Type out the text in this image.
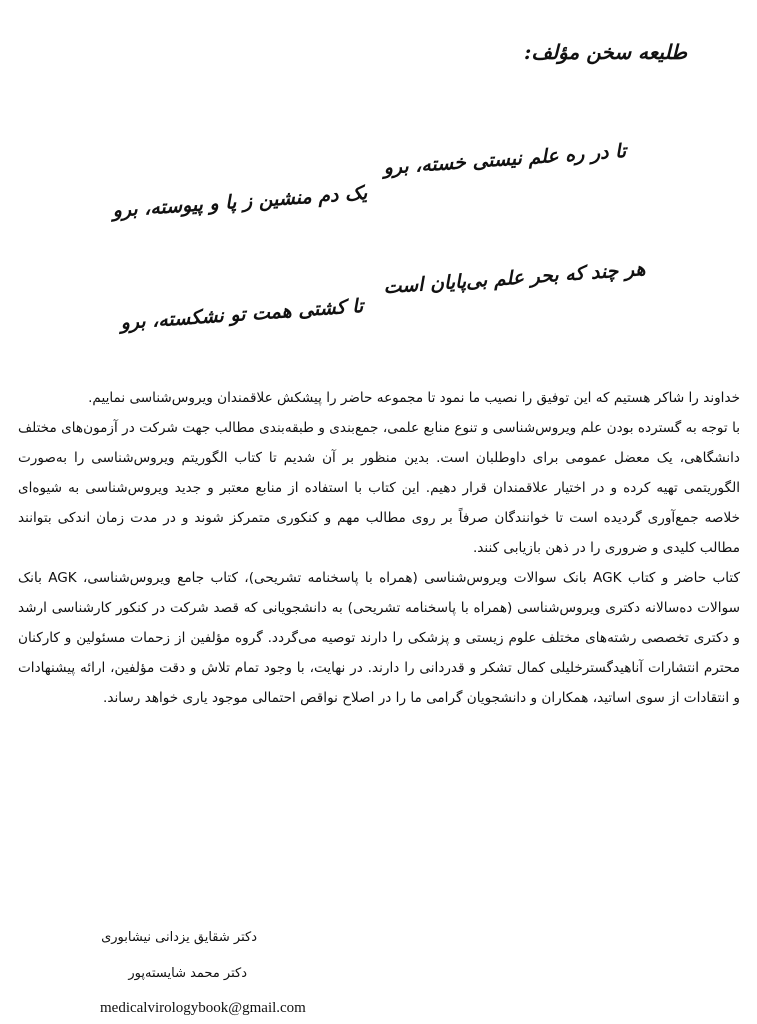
طلیعه سخن مؤلف:
تا در ره علم نیستی خسته، برو
یک دم منشین ز پا و پیوسته، برو
هر چند که بحر علم بی‌پایان است
تا کشتی همت تو نشکسته، برو

خداوند را شاکر هستیم که این توفیق را نصیب ما نمود تا مجموعه حاضر را پیشکش علاقمندان ویروس‌شناسی نماییم.

با توجه به گسترده بودن علم ویروس‌شناسی و تنوع منابع علمی، جمع‌بندی و طبقه‌بندی مطالب جهت شرکت در آزمون‌های مختلف دانشگاهی، یک معضل عمومی برای داوطلبان است. بدین منظور بر آن شدیم تا کتاب الگوریتم ویروس‌شناسی را به‌صورت الگوریتمی تهیه کرده و در اختیار علاقمندان قرار دهیم. این کتاب با استفاده از منابع معتبر و جدید ویروس‌شناسی به شیوه‌ای خلاصه جمع‌آوری گردیده است تا خوانندگان صرفاً بر روی مطالب مهم و کنکوری متمرکز شوند و در مدت زمان اندکی بتوانند مطالب کلیدی و ضروری را در ذهن بازیابی کنند.

کتاب حاضر و کتاب AGK بانک سوالات ویروس‌شناسی (همراه با پاسخنامه تشریحی)، کتاب جامع ویروس‌شناسی، AGK بانک سوالات ده‌سالانه دکتری ویروس‌شناسی (همراه با پاسخنامه تشریحی) به دانشجویانی که قصد شرکت در کنکور کارشناسی ارشد و دکتری تخصصی رشته‌های مختلف علوم زیستی و پزشکی را دارند توصیه می‌گردد. گروه مؤلفین از زحمات مسئولین و کارکنان محترم انتشارات آناهیدگسترخلیلی کمال تشکر و قدردانی را دارند. در نهایت، با وجود تمام تلاش و دقت مؤلفین، ارائه پیشنهادات و انتقادات از سوی اساتید، همکاران و دانشجویان گرامی ما را در اصلاح نواقص احتمالی موجود یاری خواهد رساند.

دکتر شقایق یزدانی نیشابوری
دکتر محمد شایسته‌پور
medicalvirologybook@gmail.com
